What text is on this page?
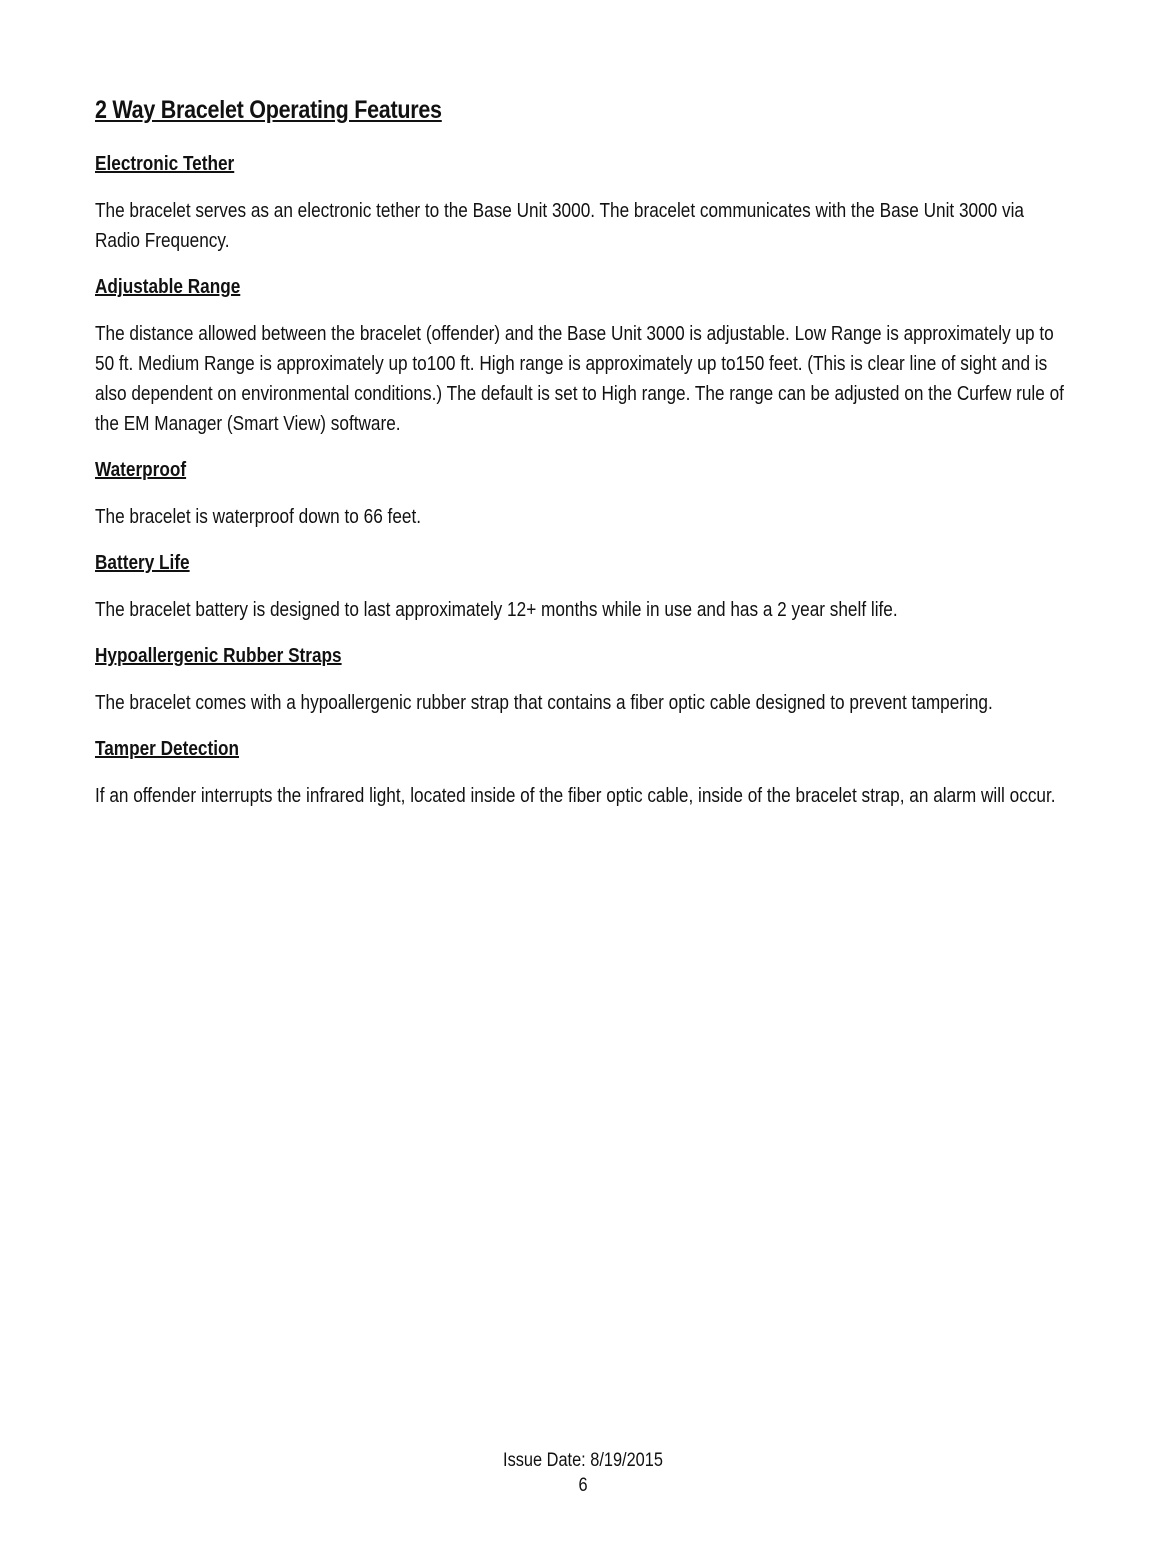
2 Way Bracelet Operating Features
Electronic Tether
The bracelet serves as an electronic tether to the Base Unit 3000. The bracelet communicates with the Base Unit 3000 via Radio Frequency.
Adjustable Range
The distance allowed between the bracelet (offender) and the Base Unit 3000 is adjustable. Low Range is approximately up to 50 ft. Medium Range is approximately up to100 ft. High range is approximately up to150 feet. (This is clear line of sight and is also dependent on environmental conditions.) The default is set to High range. The range can be adjusted on the Curfew rule of the EM Manager (Smart View) software.
Waterproof
The bracelet is waterproof down to 66 feet.
Battery Life
The bracelet battery is designed to last approximately 12+ months while in use and has a 2 year shelf life.
Hypoallergenic Rubber Straps
The bracelet comes with a hypoallergenic rubber strap that contains a fiber optic cable designed to prevent tampering.
Tamper Detection
If an offender interrupts the infrared light, located inside of the fiber optic cable, inside of the bracelet strap, an alarm will occur.
Issue Date: 8/19/2015
6
